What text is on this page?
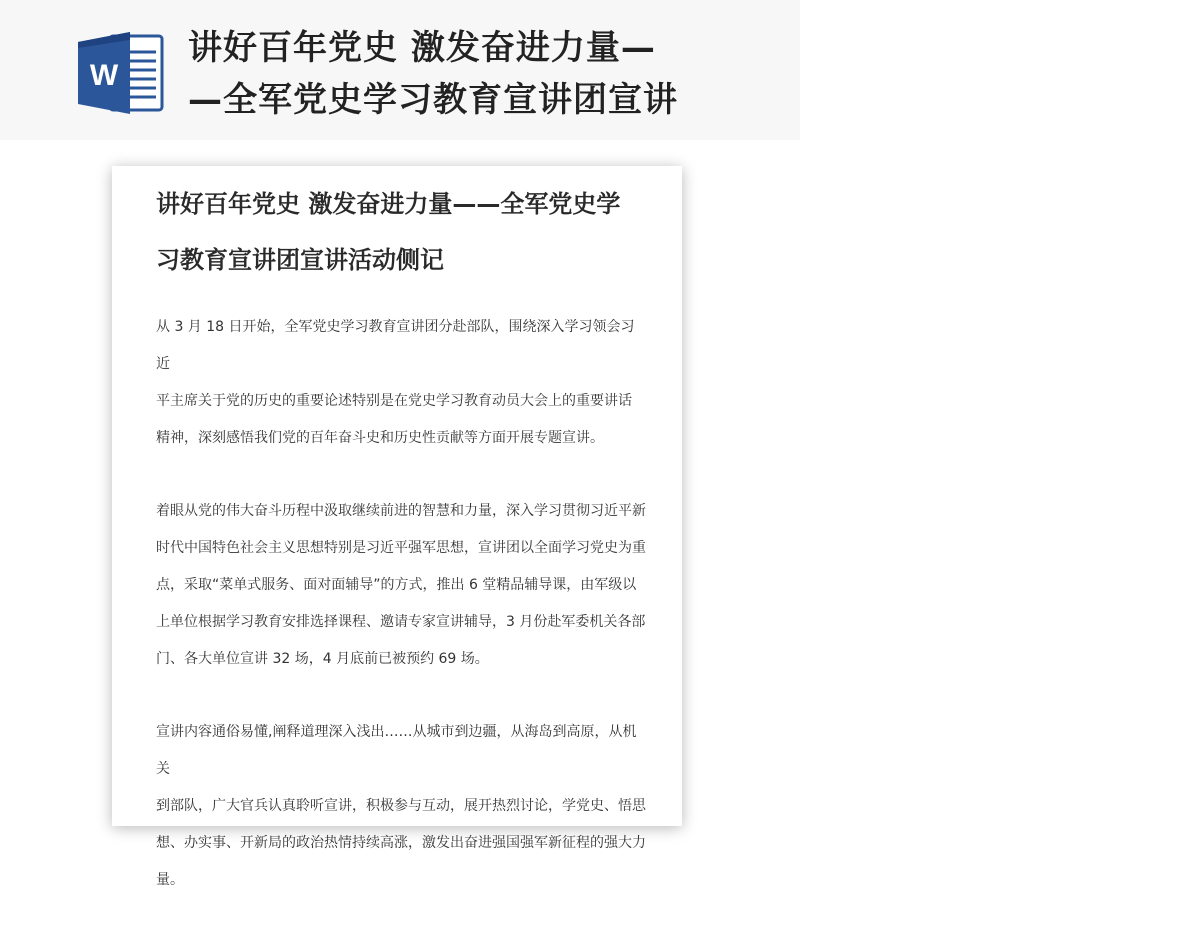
W
讲好百年党史 激发奋进力量—
—全军党史学习教育宣讲团宣讲
讲好百年党史 激发奋进力量——全军党史学
习教育宣讲团宣讲活动侧记

从 3 月 18 日开始，全军党史学习教育宣讲团分赴部队，围绕深入学习领会习近
平主席关于党的历史的重要论述特别是在党史学习教育动员大会上的重要讲话
精神，深刻感悟我们党的百年奋斗史和历史性贡献等方面开展专题宣讲。

着眼从党的伟大奋斗历程中汲取继续前进的智慧和力量，深入学习贯彻习近平新
时代中国特色社会主义思想特别是习近平强军思想，宣讲团以全面学习党史为重
点，采取“菜单式服务、面对面辅导”的方式，推出 6 堂精品辅导课，由军级以
上单位根据学习教育安排选择课程、邀请专家宣讲辅导，3 月份赴军委机关各部
门、各大单位宣讲 32 场，4 月底前已被预约 69 场。

宣讲内容通俗易懂,阐释道理深入浅出……从城市到边疆，从海岛到高原，从机关
到部队，广大官兵认真聆听宣讲，积极参与互动，展开热烈讨论，学党史、悟思
想、办实事、开新局的政治热情持续高涨，激发出奋进强国强军新征程的强大力
量。
